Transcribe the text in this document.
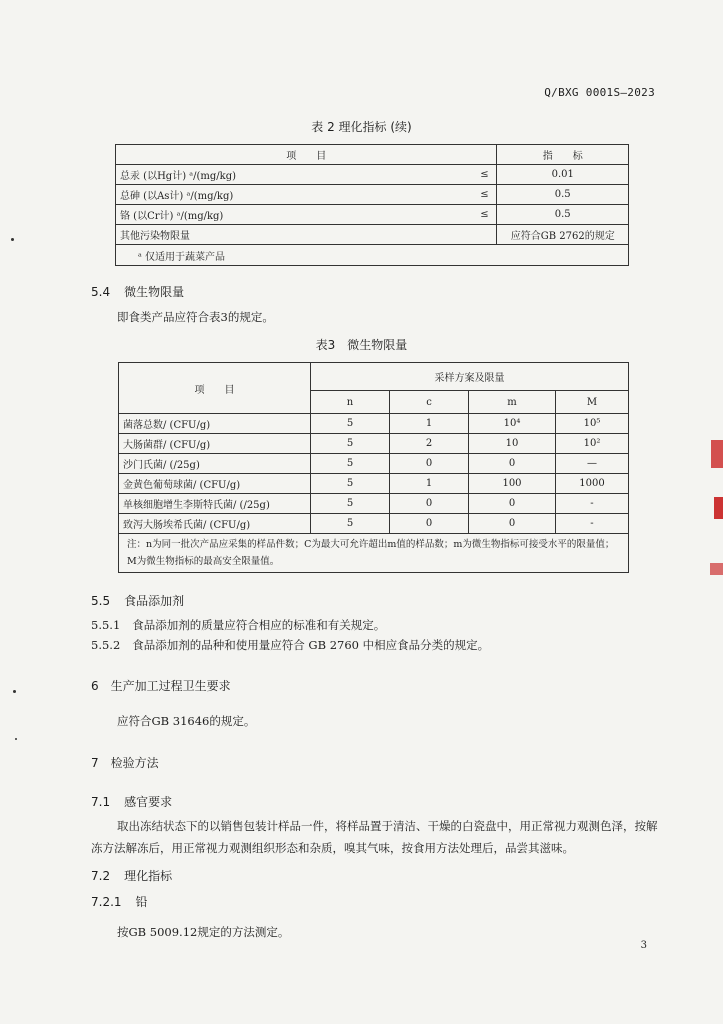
Q/BXG 0001S—2023
表 2 理化指标 (续)
项　　目		指　　标
总汞 (以Hg计) ᵃ/(mg/kg)	≤	0.01
总砷 (以As计) ᵃ/(mg/kg)	≤	0.5
铬 (以Cr计) ᵃ/(mg/kg)	≤	0.5
其他污染物限量		应符合GB 2762的规定
ᵃ 仅适用于蔬菜产品		
5.4 微生物限量
即食类产品应符合表3的规定。
表3　微生物限量
项　　目	采样方案及限量			
	n	c	m	M
菌落总数/ (CFU/g)	5	1	10⁴	10⁵
大肠菌群/ (CFU/g)	5	2	10	10²
沙门氏菌/ (/25g)	5	0	0	—
金黄色葡萄球菌/ (CFU/g)	5	1	100	1000
单核细胞增生李斯特氏菌/ (/25g)	5	0	0	-
致泻大肠埃希氏菌/ (CFU/g)	5	0	0	-
注：n为同一批次产品应采集的样品件数；C为最大可允许超出m值的样品数；m为微生物指标可接受水平的限量值；M为微生物指标的最高安全限量值。				
5.5 食品添加剂
5.5.1 食品添加剂的质量应符合相应的标准和有关规定。
5.5.2 食品添加剂的品种和使用量应符合 GB 2760 中相应食品分类的规定。
6 生产加工过程卫生要求
应符合GB 31646的规定。
7 检验方法
7.1 感官要求
取出冻结状态下的以销售包装计样品一件，将样品置于清洁、干燥的白瓷盘中，用正常视力观测色泽，按解冻方法解冻后，用正常视力观测组织形态和杂质，嗅其气味，按食用方法处理后，品尝其滋味。
7.2 理化指标
7.2.1 铅
按GB 5009.12规定的方法测定。
3
